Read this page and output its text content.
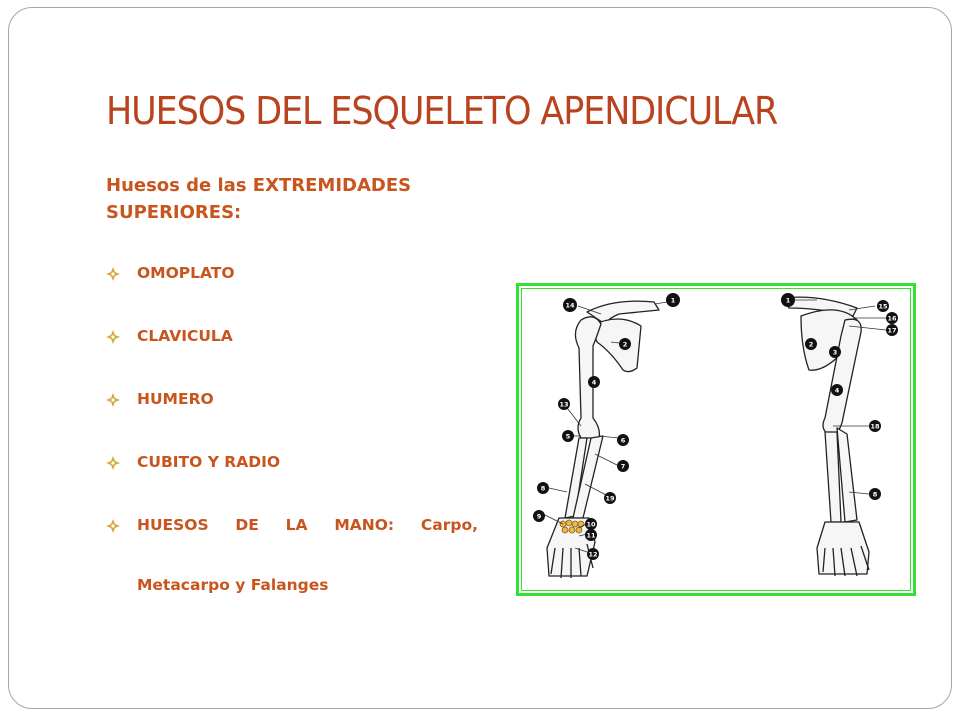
HUESOS DEL ESQUELETO APENDICULAR
Huesos de las EXTREMIDADES SUPERIORES:
OMOPLATO
CLAVICULA
HUMERO
CUBITO Y RADIO
HUESOS DE LA MANO: Carpo,
Metacarpo y Falanges
14
1
2
4
13
5	6
7
8
19
9
10
11
12
1
15
16
17
2
3
4
18
8
